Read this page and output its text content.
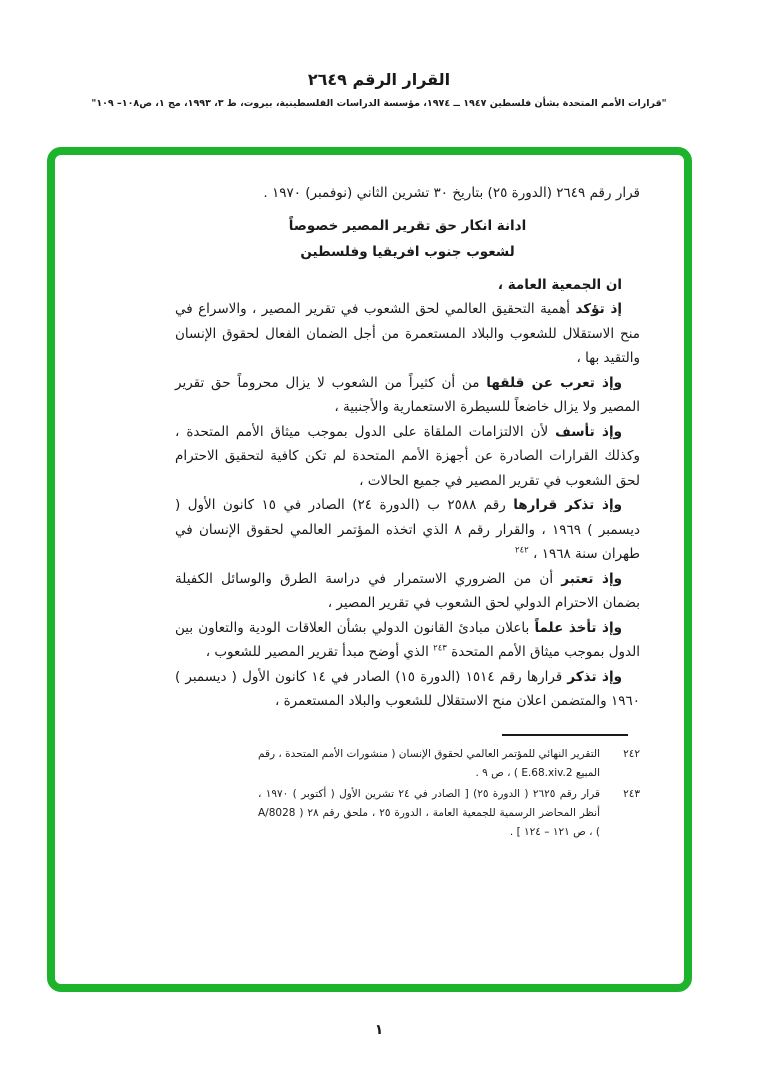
القرار الرقم ٢٦٤٩
"قرارات الأمم المتحدة بشأن فلسطين ١٩٤٧ ــ ١٩٧٤، مؤسسة الدراسات الفلسطينية، بيروت، ط ٣، ١٩٩٣، مج ١، ص١٠٨– ١٠٩"

قرار رقم ٢٦٤٩ (الدورة ٢٥) بتاريخ ٣٠ تشرين الثاني (نوفمبر) ١٩٧٠ .

ادانة انكار حق تقرير المصير خصوصاً
لشعوب جنوب افريقيا وفلسطين

ان الجمعية العامة ،

إذ تؤكد أهمية التحقيق العالمي لحق الشعوب في تقرير المصير ، والاسراع في منح الاستقلال للشعوب والبلاد المستعمرة من أجل الضمان الفعال لحقوق الإنسان والتقيد بها ،

وإذ تعرب عن قلقها من أن كثيراً من الشعوب لا يزال محروماً حق تقرير المصير ولا يزال خاضعاً للسيطرة الاستعمارية والأجنبية ،

وإذ تأسف لأن الالتزامات الملقاة على الدول بموجب ميثاق الأمم المتحدة ، وكذلك القرارات الصادرة عن أجهزة الأمم المتحدة لم تكن كافية لتحقيق الاحترام لحق الشعوب في تقرير المصير في جميع الحالات ،

وإذ تذكر قرارها رقم ٢٥٨٨ ب (الدورة ٢٤) الصادر في ١٥ كانون الأول ( ديسمبر ) ١٩٦٩ ، والقرار رقم ٨ الذي اتخذه المؤتمر العالمي لحقوق الإنسان في طهران سنة ١٩٦٨ ، $^{٢٤٢}$

وإذ تعتبر أن من الضروري الاستمرار في دراسة الطرق والوسائل الكفيلة بضمان الاحترام الدولي لحق الشعوب في تقرير المصير ،

وإذ تأخذ علماً باعلان مبادئ القانون الدولي بشأن العلاقات الودية والتعاون بين الدول بموجب ميثاق الأمم المتحدة $^{٢٤٣}$ الذي أوضح مبدأ تقرير المصير للشعوب ،

وإذ تذكر قرارها رقم ١٥١٤ (الدورة ١٥) الصادر في ١٤ كانون الأول ( ديسمبر ) ١٩٦٠ والمتضمن اعلان منح الاستقلال للشعوب والبلاد المستعمرة ،

٢٤٢
التقرير النهائي للمؤتمر العالمي لحقوق الإنسان ( منشورات الأمم المتحدة ، رقم المبيع E.68.xiv.2 ) ، ص ٩ .
٢٤٣
قرار رقم ٢٦٢٥ ( الدورة ٢٥) [ الصادر في ٢٤ تشرين الأول ( أكتوبر ) ١٩٧٠ ، أنظر المحاضر الرسمية للجمعية العامة ، الدورة ٢٥ ، ملحق رقم ٢٨ ( A/8028 ) ، ص ١٢١ – ١٢٤ ] .
١
